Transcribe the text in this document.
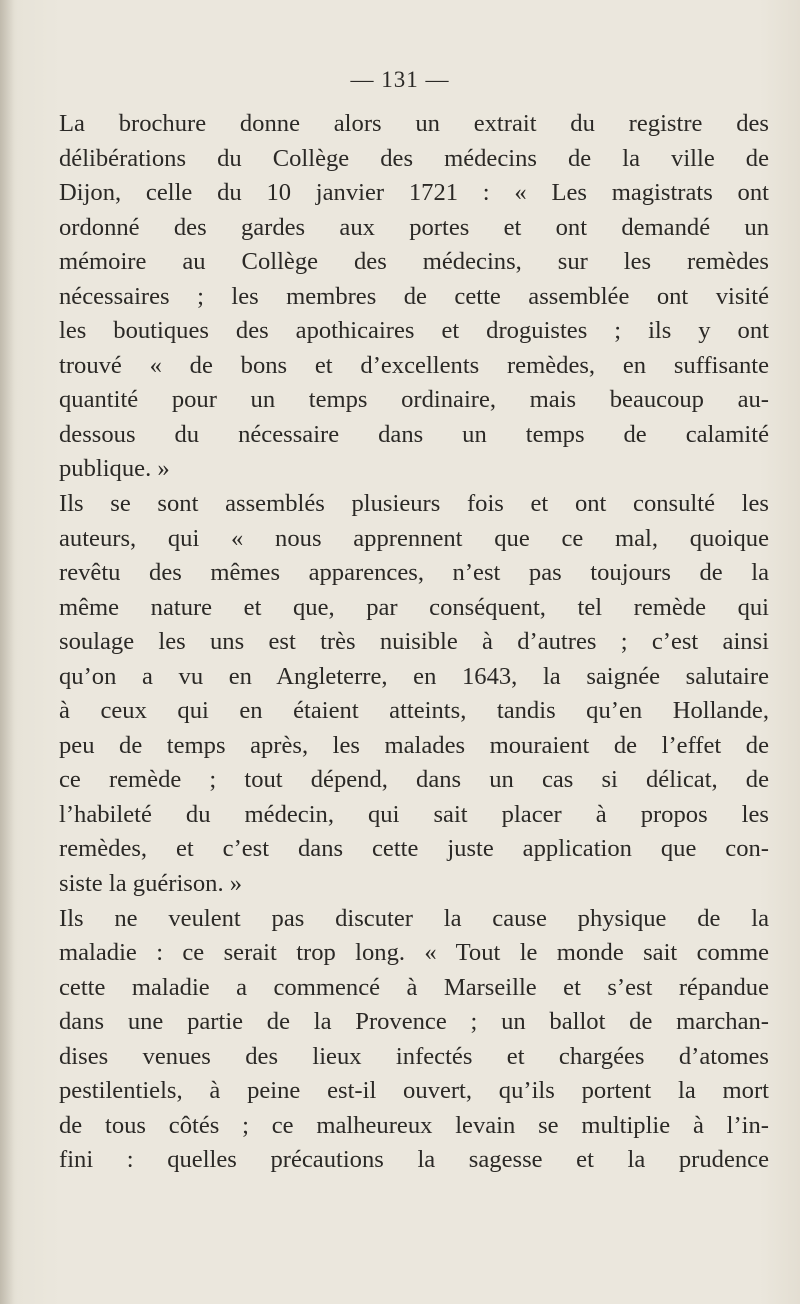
— 131 —

La brochure donne alors un extrait du registre des
délibérations du Collège des médecins de la ville de
Dijon, celle du 10 janvier 1721 : « Les magistrats ont
ordonné des gardes aux portes et ont demandé un
mémoire au Collège des médecins, sur les remèdes
nécessaires ; les membres de cette assemblée ont visité
les boutiques des apothicaires et droguistes ; ils y ont
trouvé « de bons et d’excellents remèdes, en suffisante
quantité pour un temps ordinaire, mais beaucoup au-
dessous du nécessaire dans un temps de calamité
publique. »

Ils se sont assemblés plusieurs fois et ont consulté les
auteurs, qui « nous apprennent que ce mal, quoique
revêtu des mêmes apparences, n’est pas toujours de la
même nature et que, par conséquent, tel remède qui
soulage les uns est très nuisible à d’autres ; c’est ainsi
qu’on a vu en Angleterre, en 1643, la saignée salutaire
à ceux qui en étaient atteints, tandis qu’en Hollande,
peu de temps après, les malades mouraient de l’effet de
ce remède ; tout dépend, dans un cas si délicat, de
l’habileté du médecin, qui sait placer à propos les
remèdes, et c’est dans cette juste application que con-
siste la guérison. »

Ils ne veulent pas discuter la cause physique de la
maladie : ce serait trop long. « Tout le monde sait comme
cette maladie a commencé à Marseille et s’est répandue
dans une partie de la Provence ; un ballot de marchan-
dises venues des lieux infectés et chargées d’atomes
pestilentiels, à peine est-il ouvert, qu’ils portent la mort
de tous côtés ; ce malheureux levain se multiplie à l’in-
fini : quelles précautions la sagesse et la prudence
